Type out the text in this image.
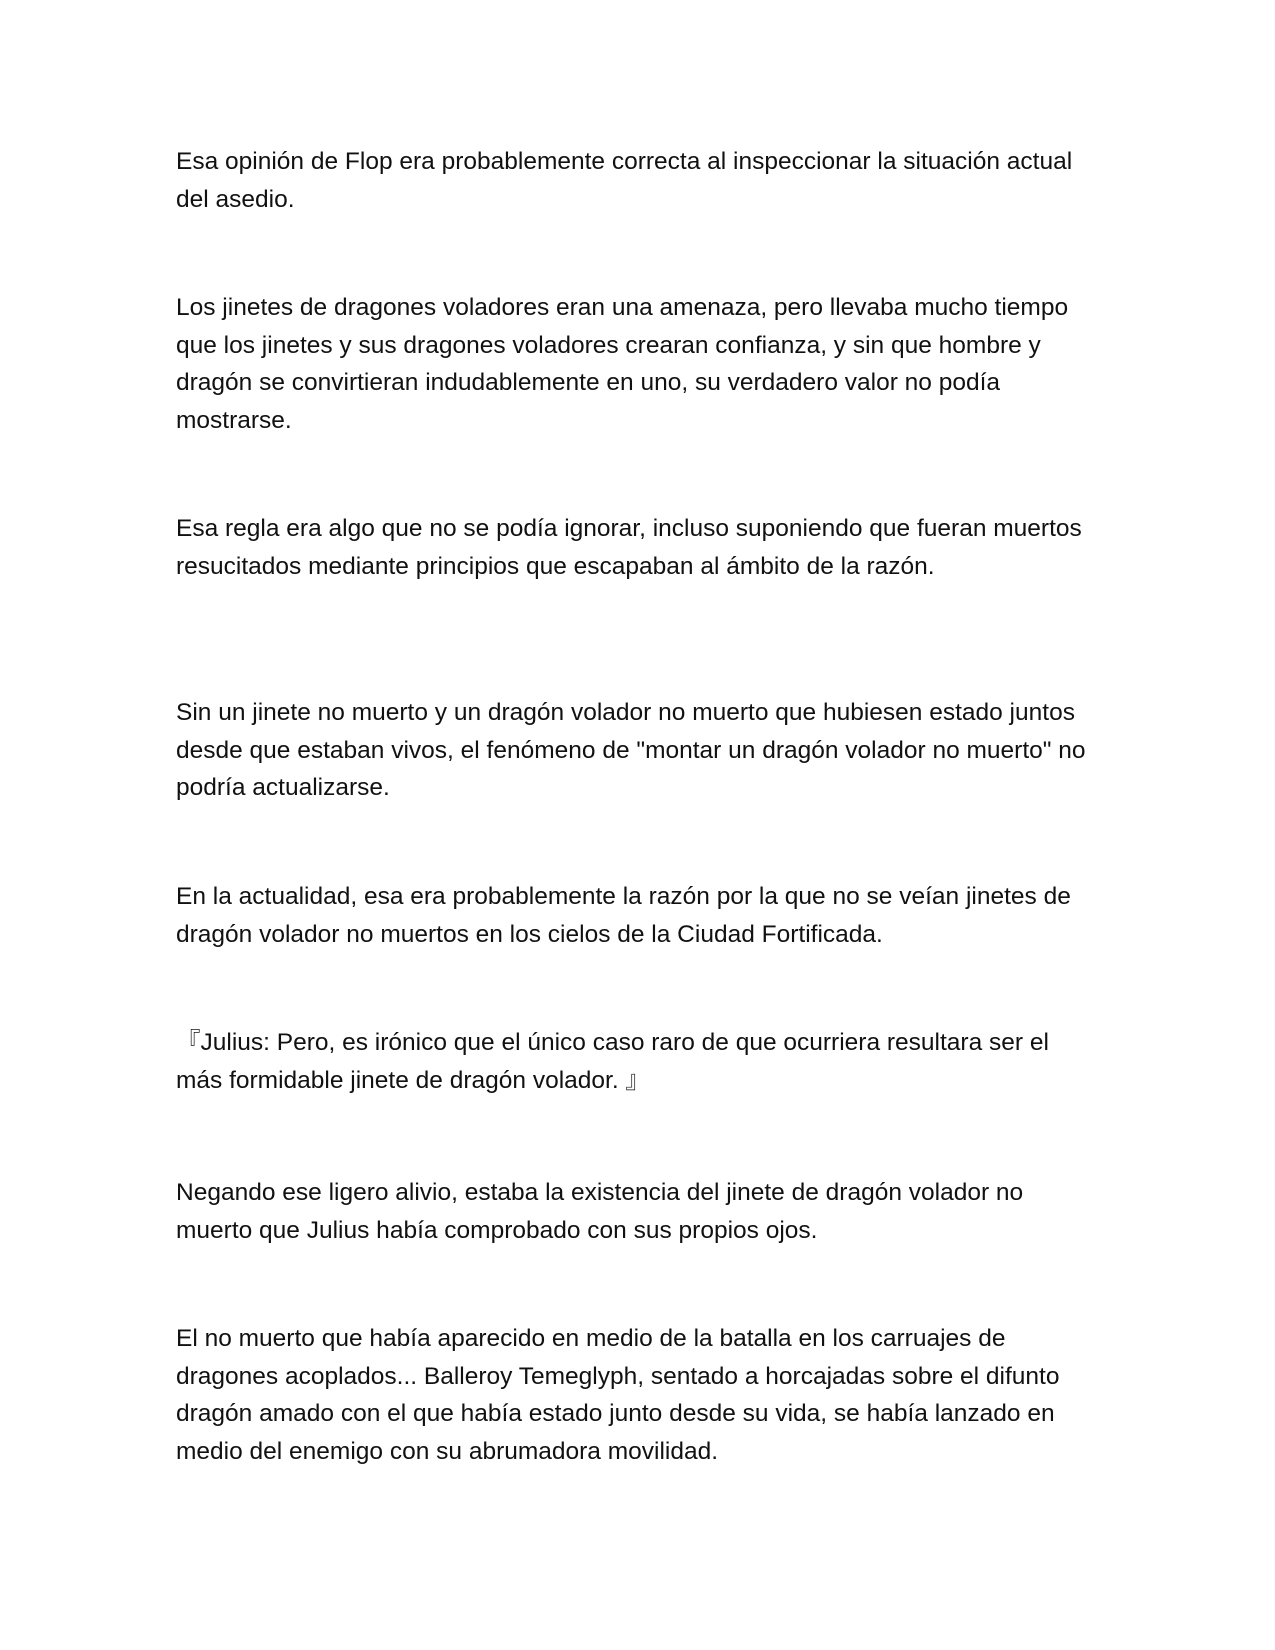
Esa opinión de Flop era probablemente correcta al inspeccionar la situación actual del asedio.

Los jinetes de dragones voladores eran una amenaza, pero llevaba mucho tiempo que los jinetes y sus dragones voladores crearan confianza, y sin que hombre y dragón se convirtieran indudablemente en uno, su verdadero valor no podía mostrarse.

Esa regla era algo que no se podía ignorar, incluso suponiendo que fueran muertos resucitados mediante principios que escapaban al ámbito de la razón.

Sin un jinete no muerto y un dragón volador no muerto que hubiesen estado juntos desde que estaban vivos, el fenómeno de "montar un dragón volador no muerto" no podría actualizarse.

En la actualidad, esa era probablemente la razón por la que no se veían jinetes de dragón volador no muertos en los cielos de la Ciudad Fortificada.

『Julius: Pero, es irónico que el único caso raro de que ocurriera resultara ser el más formidable jinete de dragón volador. 』

Negando ese ligero alivio, estaba la existencia del jinete de dragón volador no muerto que Julius había comprobado con sus propios ojos.

El no muerto que había aparecido en medio de la batalla en los carruajes de dragones acoplados... Balleroy Temeglyph, sentado a horcajadas sobre el difunto dragón amado con el que había estado junto desde su vida, se había lanzado en medio del enemigo con su abrumadora movilidad.
